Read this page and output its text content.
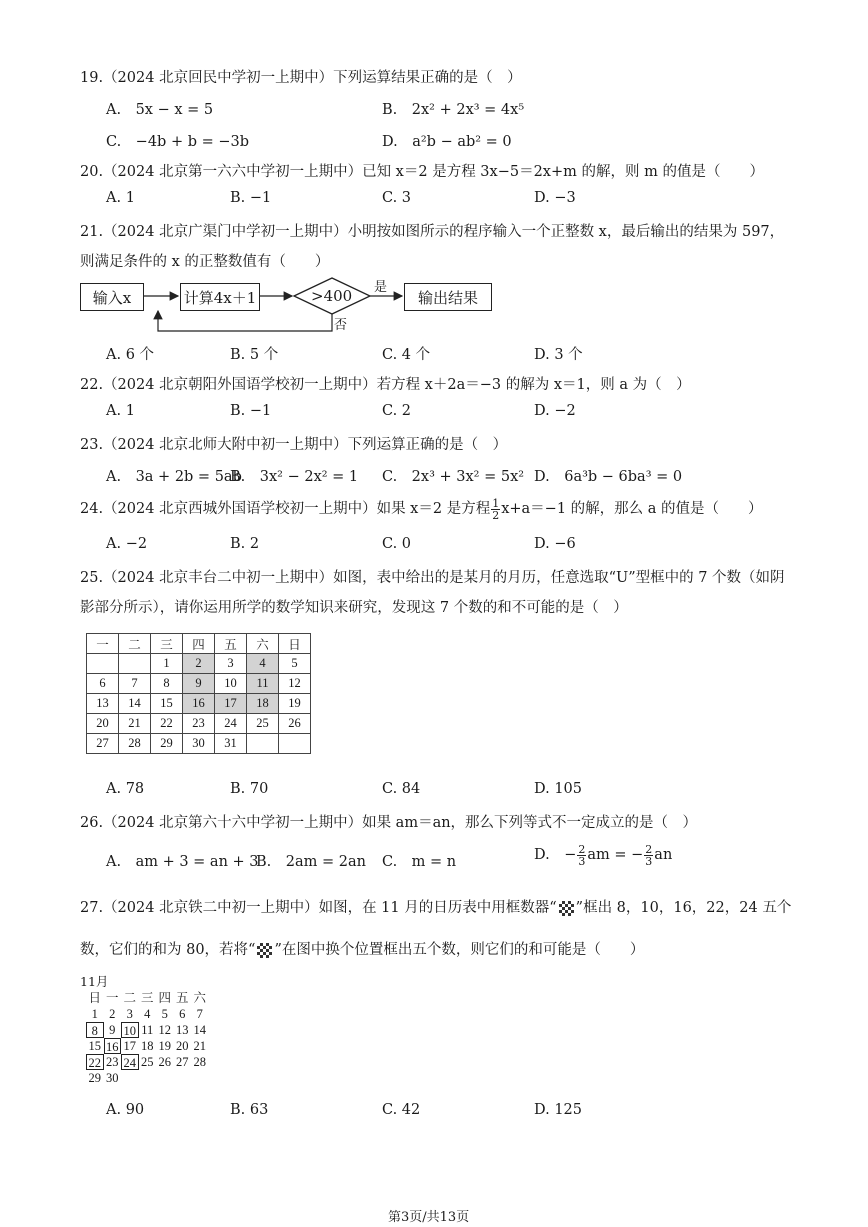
19.（2024 北京回民中学初一上期中）下列运算结果正确的是（　）
A.　5x − x = 5	B.　2x² + 2x³ = 4x⁵
C.　−4b + b = −3b	D.　a²b − ab² = 0
20.（2024 北京第一六六中学初一上期中）已知 x＝2 是方程 3x−5＝2x+m 的解，则 m 的值是（　　）
A. 1	B. −1	C. 3	D. −3
21.（2024 北京广渠门中学初一上期中）小明按如图所示的程序输入一个正整数 x，最后输出的结果为 597，
则满足条件的 x 的正整数值有（　　）
输入x	计算4x＋1	输出结果
>400 是
否
A. 6 个	B. 5 个	C. 4 个	D. 3 个
22.（2024 北京朝阳外国语学校初一上期中）若方程 x＋2a＝−3 的解为 x＝1，则 a 为（　）
A. 1	B. −1	C. 2	D. −2
23.（2024 北京北师大附中初一上期中）下列运算正确的是（　）
A.　3a + 2b = 5ab
B.　3x² − 2x² = 1 C.　2x³ + 3x² = 5x² D.　6a³b − 6ba³ = 0
24.（2024 北京西城外国语学校初一上期中）如果 x＝2 是方程 $\frac{1}{2} x+a=-1$ 的解，那么 a 的值是（　　）
A. −2	B. 2	C. 0	D. −6
25.（2024 北京丰台二中初一上期中）如图，表中给出的是某月的月历，任意选取“U”型框中的 7 个数（如阴
影部分所示），请你运用所学的数学知识来研究，发现这 7 个数的和不可能的是（　）
一	二	三	四	五	六	日
		1	2	3	4	5
6	7	8	9	10	11	12
13	14	15	16	17	18	19
20	21	22	23	24	25	26
27	28	29	30	31		
A. 78	B. 70	C. 84	D. 105
26.（2024 北京第六十六中学初一上期中）如果 am＝an，那么下列等式不一定成立的是（　）
A.　am + 3 = an + 3
B.　2am = 2an C.　m = n	D.　− $\frac{2}{3}$ am = − $\frac{2}{3}$ an
27.（2024 北京铁二中初一上期中）如图，在 11 月的日历表中用框数器“ ”框出 8，10，16，22，24 五个
数，它们的和为 80，若将“ ”在图中换个位置框出五个数，则它们的和可能是（　　）
11月
日 一 二 三 四 五 六
1 2 3 4 5 6 7
8 9 10 11 12 13 14
15 16 17 18 19 20 21
22 23 24 25 26 27 28
29 30
A. 90	B. 63	C. 42	D. 125
第3页/共13页
